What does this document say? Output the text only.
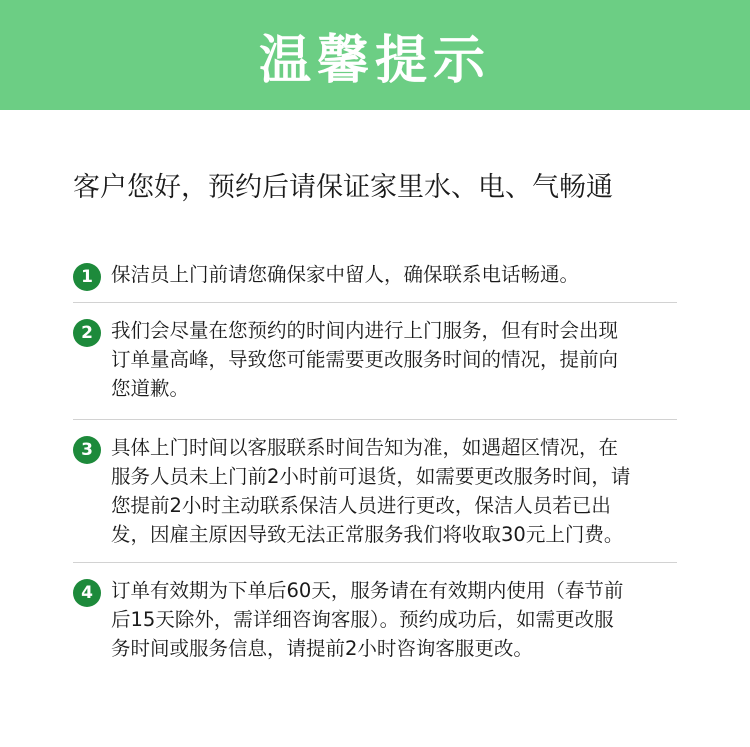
温馨提示
客户您好，预约后请保证家里水、电、气畅通
1 保洁员上门前请您确保家中留人，确保联系电话畅通。
2 我们会尽量在您预约的时间内进行上门服务，但有时会出现
订单量高峰，导致您可能需要更改服务时间的情况，提前向
您道歉。
3 具体上门时间以客服联系时间告知为准，如遇超区情况，在
服务人员未上门前2小时前可退货，如需要更改服务时间，请
您提前2小时主动联系保洁人员进行更改，保洁人员若已出
发，因雇主原因导致无法正常服务我们将收取30元上门费。
4 订单有效期为下单后60天，服务请在有效期内使用（春节前
后15天除外，需详细咨询客服）。预约成功后，如需更改服
务时间或服务信息，请提前2小时咨询客服更改。
